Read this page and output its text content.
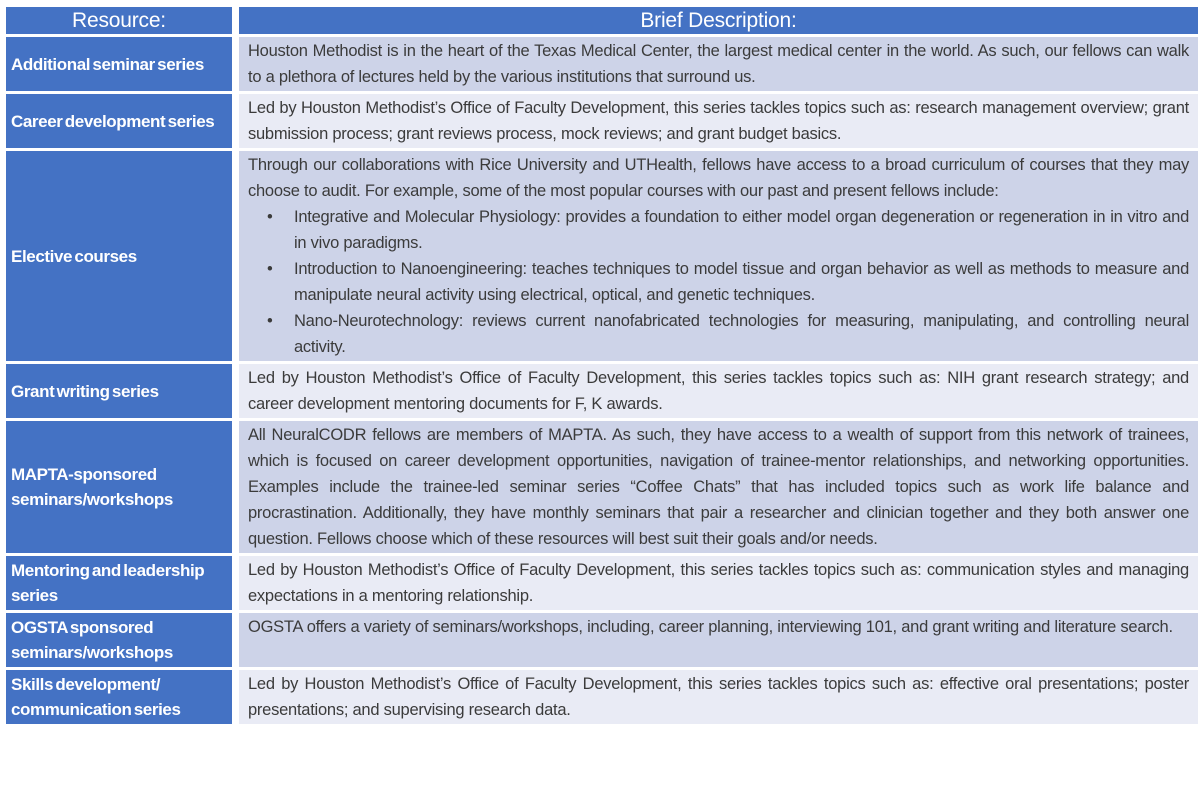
Resource:	Brief Description:
Additional seminar series

Houston Methodist is in the heart of the Texas Medical Center, the largest medical center in the world. As such, our fellows can walk to a plethora of lectures held by the various institutions that surround us.

Career development series

Led by Houston Methodist’s Office of Faculty Development, this series tackles topics such as: research management overview; grant submission process; grant reviews process, mock reviews; and grant budget basics.

Elective courses

Through our collaborations with Rice University and UTHealth, fellows have access to a broad curriculum of courses that they may choose to audit. For example, some of the most popular courses with our past and present fellows include:

• Integrative and Molecular Physiology: provides a foundation to either model organ degeneration or regeneration in in vitro and in vivo paradigms.
• Introduction to Nanoengineering: teaches techniques to model tissue and organ behavior as well as methods to measure and manipulate neural activity using electrical, optical, and genetic techniques.
• Nano-Neurotechnology: reviews current nanofabricated technologies for measuring, manipulating, and controlling neural activity.
Grant writing series

Led by Houston Methodist’s Office of Faculty Development, this series tackles topics such as: NIH grant research strategy; and career development mentoring documents for F, K awards.

MAPTA-sponsored seminars/workshops

All NeuralCODR fellows are members of MAPTA. As such, they have access to a wealth of support from this network of trainees, which is focused on career development opportunities, navigation of trainee-mentor relationships, and networking opportunities. Examples include the trainee-led seminar series “Coffee Chats” that has included topics such as work life balance and procrastination. Additionally, they have monthly seminars that pair a researcher and clinician together and they both answer one question. Fellows choose which of these resources will best suit their goals and/or needs.

Mentoring and leadership series

Led by Houston Methodist’s Office of Faculty Development, this series tackles topics such as: communication styles and managing expectations in a mentoring relationship.

OGSTA sponsored seminars/workshops

OGSTA offers a variety of seminars/workshops, including, career planning, interviewing 101, and grant writing and literature search.

Skills development/ communication series

Led by Houston Methodist’s Office of Faculty Development, this series tackles topics such as: effective oral presentations; poster presentations; and supervising research data.
